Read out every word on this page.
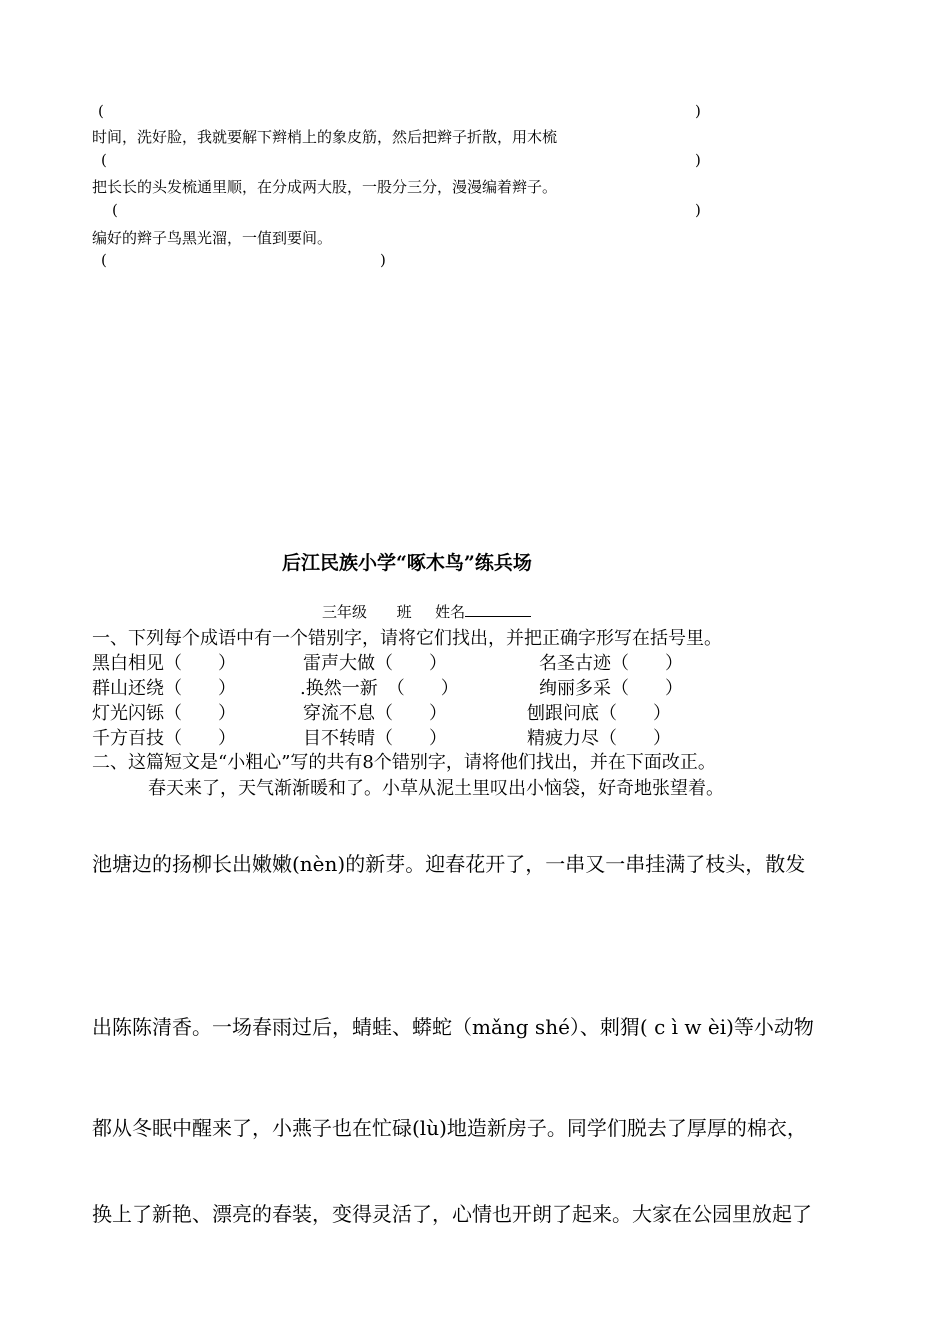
(	)
时间，洗好脸，我就要解下辫梢上的象皮筋，然后把辫子折散，用木梳
(	)
把长长的头发梳通里顺，在分成两大股，一股分三分，漫漫编着辫子。
(	)
编好的辫子鸟黑光溜，一值到要间。
(	)
后江民族小学“啄木鸟”练兵场
三年级 班 姓名
一、下列每个成语中有一个错别字，请将它们找出，并把正确字形写在括号里。
黑白相见（　　）	雷声大做（　　）	名圣古迹（　　）
群山还绕（　　）	.换然一新　（　　）	绚丽多采（　　）
灯光闪铄（　　）	穿流不息（　　）	刨跟问底（　　）
千方百技（　　）	目不转晴（　　）	精疲力尽（　　）
二、这篇短文是“小粗心”写的共有8个错别字，请将他们找出，并在下面改正。
春天来了，天气渐渐暖和了。小草从泥土里叹出小恼袋，好奇地张望着。
池塘边的扬柳长出嫩嫩(nèn)的新芽。迎春花开了，一串又一串挂满了枝头，散发
出陈陈清香。一场春雨过后，蜻蛙、蟒蛇（mǎng shé）、刺猬( c ì w èi)等小动物
都从冬眠中醒来了，小燕子也在忙碌(lù)地造新房子。同学们脱去了厚厚的棉衣，
换上了新艳、漂亮的春装，变得灵活了，心情也开朗了起来。大家在公园里放起了
